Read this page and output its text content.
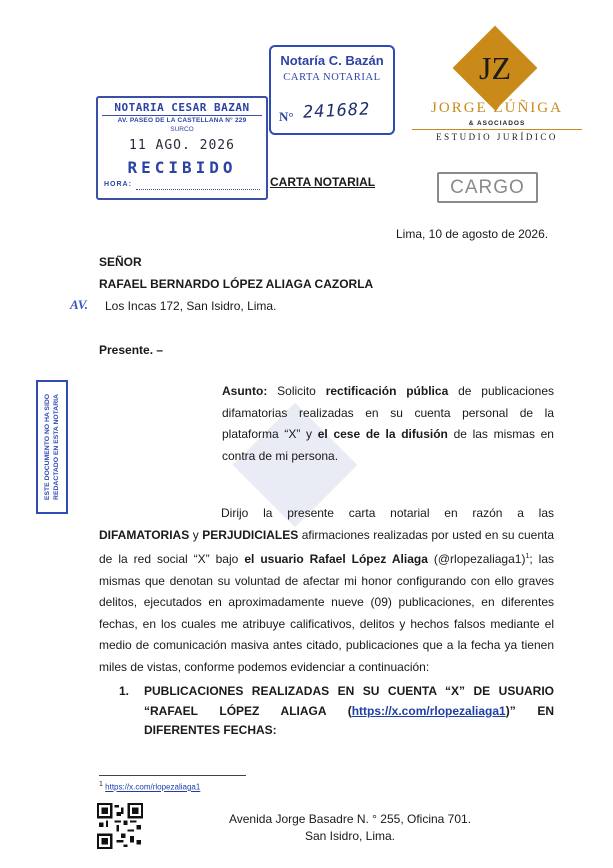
NOTARIA CESAR BAZAN
AV. PASEO DE LA CASTELLANA N° 229
SURCO
11 AGO. 2026
RECIBIDO
HORA:
Notaría C. Bazán
CARTA NOTARIAL
N° 241682
JZ
JORGE ZÚÑIGA
& ASOCIADOS
ESTUDIO JURÍDICO
CARTA NOTARIAL	CARGO
Lima, 10 de agosto de 2026.
SEÑOR
RAFAEL BERNARDO LÓPEZ ALIAGA CAZORLA
AV. Los Incas 172, San Isidro, Lima.
Presente. –
ESTE DOCUMENTO NO HA SIDO REDACTADO EN ESTA NOTARIA
Asunto: Solicito rectificación pública de publicaciones difamatorias realizadas en su cuenta personal de la plataforma “X” y el cese de la difusión de las mismas en contra de mi persona.
Dirijo la presente carta notarial en razón a las DIFAMATORIAS y PERJUDICIALES afirmaciones realizadas por usted en su cuenta de la red social “X” bajo el usuario Rafael López Aliaga (@rlopezaliaga1)$^1$; las mismas que denotan su voluntad de afectar mi honor configurando con ello graves delitos, ejecutados en aproximadamente nueve (09) publicaciones, en diferentes fechas, en los cuales me atribuye calificativos, delitos y hechos falsos mediante el medio de comunicación masiva antes citado, publicaciones que a la fecha ya tienen miles de vistas, conforme podemos evidenciar a continuación:
1. PUBLICACIONES REALIZADAS EN SU CUENTA “X” DE USUARIO “RAFAEL LÓPEZ ALIAGA (https://x.com/rlopezaliaga1)” EN DIFERENTES FECHAS:
$^1$ https://x.com/rlopezaliaga1
Avenida Jorge Basadre N. ° 255, Oficina 701.
San Isidro, Lima.
